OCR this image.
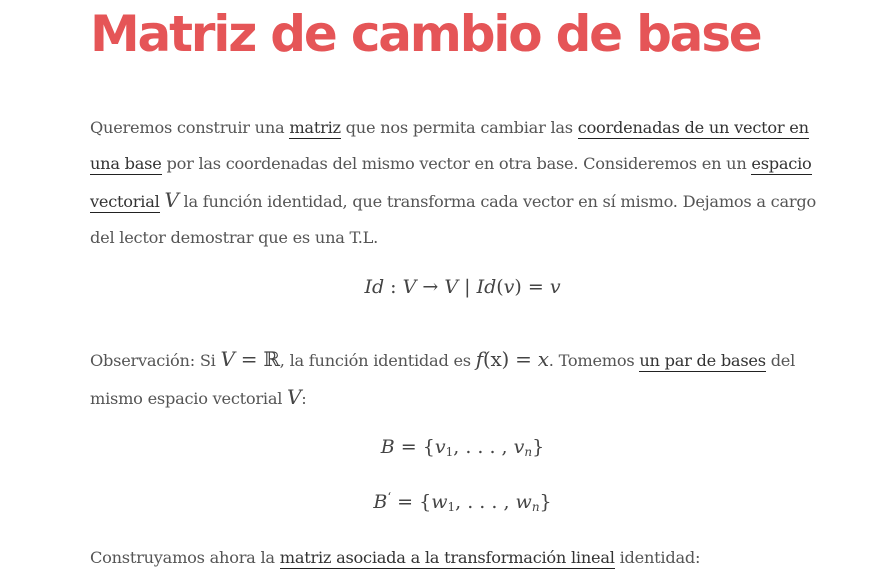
Matriz de cambio de base

Queremos construir una matriz que nos permita cambiar las coordenadas de un vector en una base por las coordenadas del mismo vector en otra base. Consideremos en un espacio vectorial V la función identidad, que transforma cada vector en sí mismo. Dejamos a cargo del lector demostrar que es una T.L.

Id : V → V | Id(v) = v

Observación: Si V = ℝ, la función identidad es f(x) = x. Tomemos un par de bases del mismo espacio vectorial V:

$B = \{v_1$, . . . , $v_n$}
$B^‘ = \{w_1$, . . . , $w_n$}

Construyamos ahora la matriz asociada a la transformación lineal identidad:
